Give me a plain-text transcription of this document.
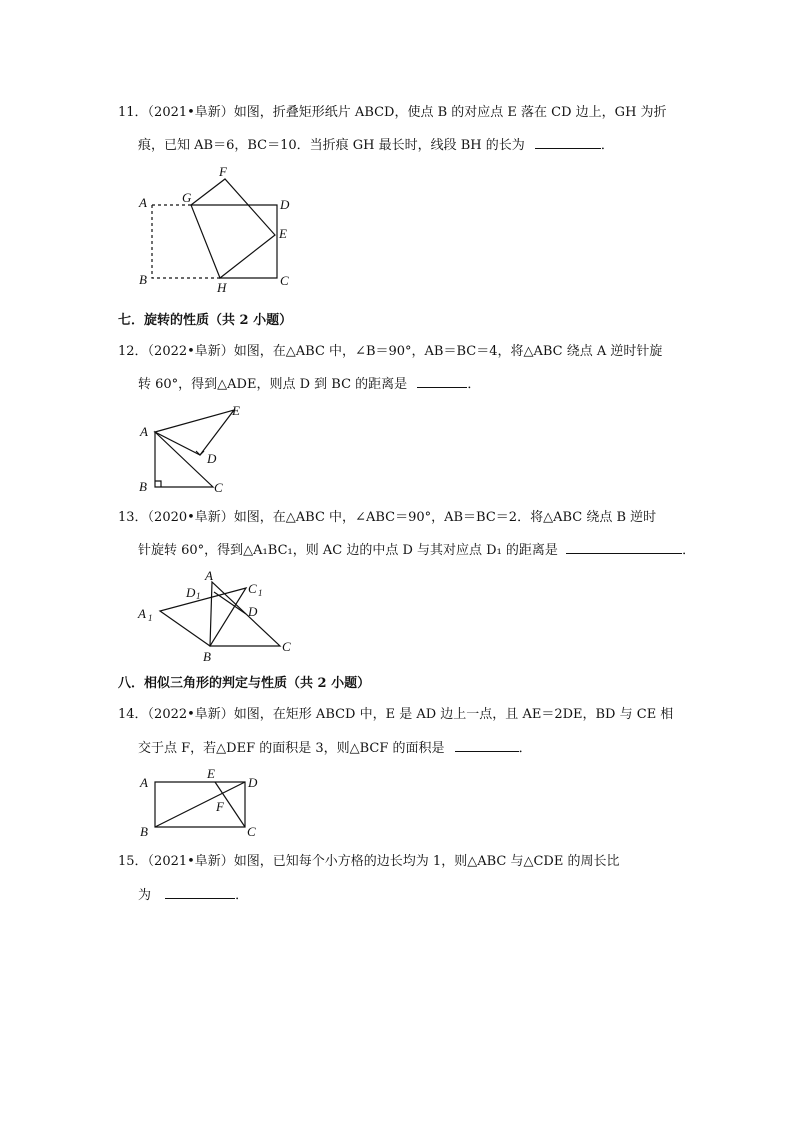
11．（2021•阜新）如图，折叠矩形纸片 ABCD，使点 B 的对应点 E 落在 CD 边上，GH 为折
痕，已知 AB＝6，BC＝10．当折痕 GH 最长时，线段 BH 的长为	．
A
B	C
D
E
F
G
H
七．旋转的性质（共 2 小题）
12．（2022•阜新）如图，在△ABC 中，∠B＝90°，AB＝BC＝4，将△ABC 绕点 A 逆时针旋
转 60°，得到△ADE，则点 D 到 BC 的距离是	．
A
B	C
D
E
13．（2020•阜新）如图，在△ABC 中，∠ABC＝90°，AB＝BC＝2．将△ABC 绕点 B 逆时
针旋转 60°，得到△A₁BC₁，则 AC 边的中点 D 与其对应点 D₁ 的距离是	．
A
B
C
D
A 1
C 1
D 1
八．相似三角形的判定与性质（共 2 小题）
14．（2022•阜新）如图，在矩形 ABCD 中，E 是 AD 边上一点，且 AE＝2DE，BD 与 CE 相
交于点 F，若△DEF 的面积是 3，则△BCF 的面积是	．
A
B	C
D
E
F
15．（2021•阜新）如图，已知每个小方格的边长均为 1，则△ABC 与△CDE 的周长比
为	．
